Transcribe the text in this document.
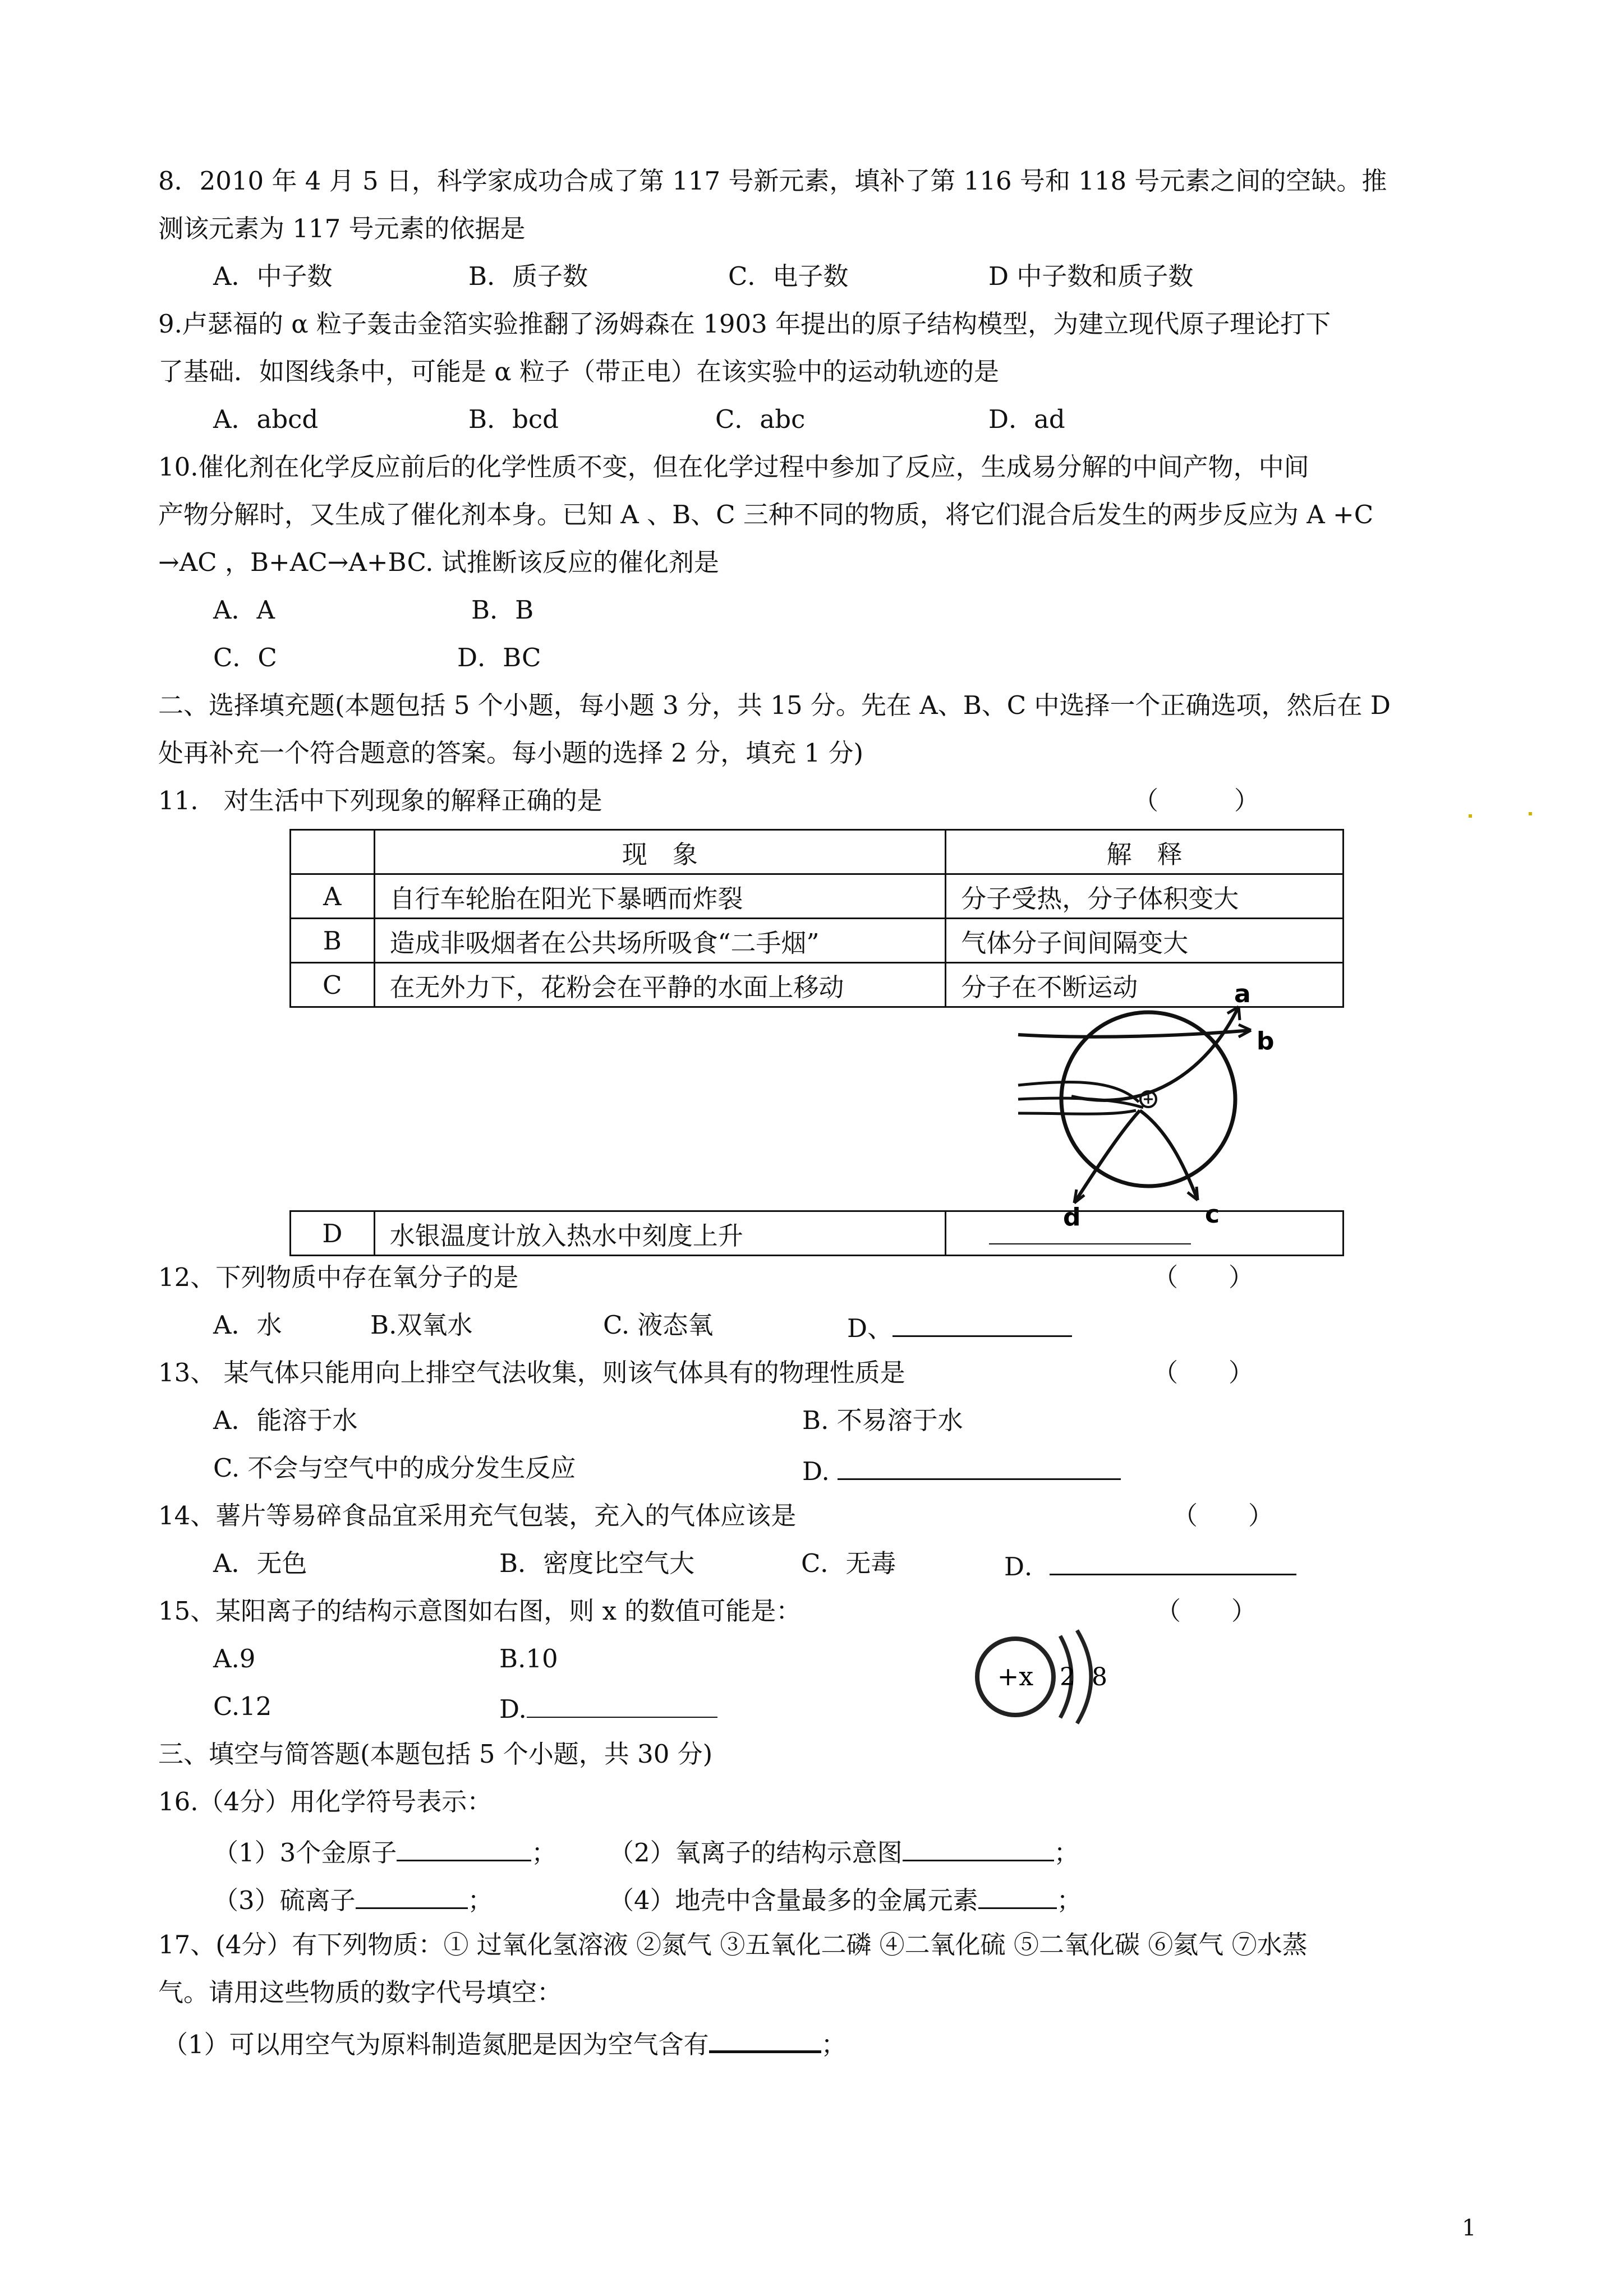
8．2010 年 4 月 5 日，科学家成功合成了第 117 号新元素，填补了第 116 号和 118 号元素之间的空缺。推
测该元素为 117 号元素的依据是
A．中子数	B．质子数	C．电子数	D 中子数和质子数
9.卢瑟福的 α 粒子轰击金箔实验推翻了汤姆森在 1903 年提出的原子结构模型，为建立现代原子理论打下
了基础．如图线条中，可能是 α 粒子（带正电）在该实验中的运动轨迹的是
A．abcd	B．bcd	C．abc	D．ad
10.催化剂在化学反应前后的化学性质不变，但在化学过程中参加了反应，生成易分解的中间产物，中间
产物分解时，又生成了催化剂本身。已知 A 、B、C 三种不同的物质，将它们混合后发生的两步反应为 A +C
→AC ，B+AC→A+BC. 试推断该反应的催化剂是
A．A	B．B
C．C	D．BC
二、选择填充题(本题包括 5 个小题，每小题 3 分，共 15 分。先在 A、B、C 中选择一个正确选项，然后在 D
处再补充一个符合题意的答案。每小题的选择 2 分，填充 1 分)
11.　对生活中下列现象的解释正确的是	（　　　）
	现　象	解　释
A	自行车轮胎在阳光下暴晒而炸裂	分子受热，分子体积变大
B	造成非吸烟者在公共场所吸食“二手烟”	气体分子间间隔变大
C	在无外力下，花粉会在平静的水面上移动	分子在不断运动	a
b
d	c
D	水银温度计放入热水中刻度上升	
12、下列物质中存在氧分子的是	（　　）
A．水	B.双氧水	C. 液态氧	D、
13、 某气体只能用向上排空气法收集，则该气体具有的物理性质是	（　　）
A．能溶于水	B. 不易溶于水
C. 不会与空气中的成分发生反应	D.
14、薯片等易碎食品宜采用充气包装，充入的气体应该是	（　　）
A．无色	B．密度比空气大	C．无毒	D．
15、某阳离子的结构示意图如右图，则 x 的数值可能是：	（　　）
A.9	B.10
C.12	D.
+x 2 8
三、填空与简答题(本题包括 5 个小题，共 30 分)
16.（4分）用化学符号表示：
（1）3个金原子	； （2）氧离子的结构示意图	；
（3）硫离子	；	（4）地壳中含量最多的金属元素	；
17、(4分）有下列物质：① 过氧化氢溶液 ②氮气 ③五氧化二磷 ④二氧化硫 ⑤二氧化碳 ⑥氦气 ⑦水蒸
气。请用这些物质的数字代号填空：
（1）可以用空气为原料制造氮肥是因为空气含有	；
1
